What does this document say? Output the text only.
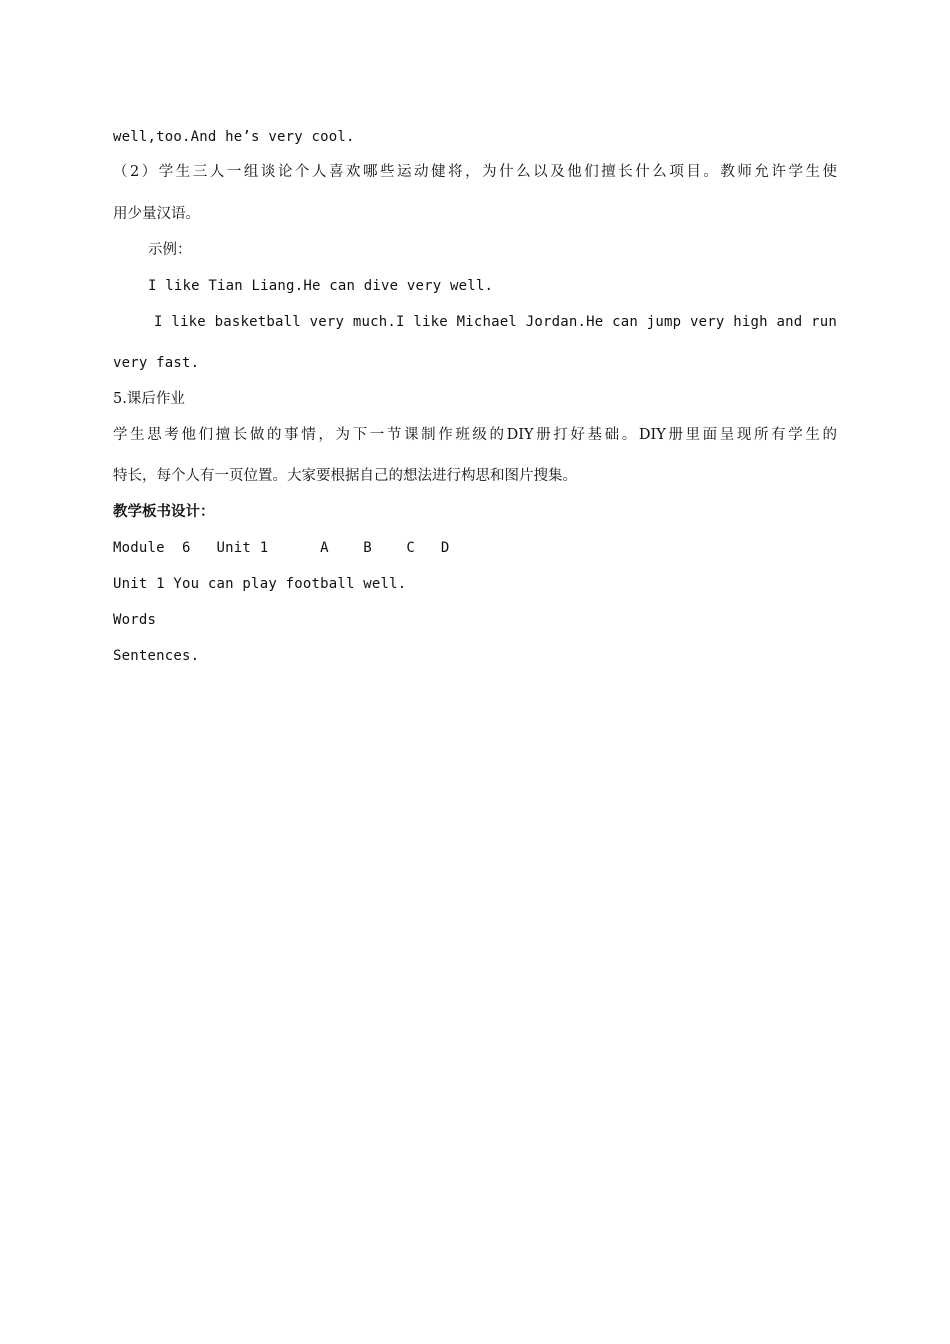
well,too.And he’s very cool.
（2）学生三人一组谈论个人喜欢哪些运动健将，为什么以及他们擅长什么项目。教师允许学生使
用少量汉语。
示例：
I like Tian Liang.He can dive very well.
I like basketball very much.I like Michael Jordan.He can jump very high and run
very fast.
5.课后作业
学生思考他们擅长做的事情，为下一节课制作班级的DIY册打好基础。DIY册里面呈现所有学生的
特长，每个人有一页位置。大家要根据自己的想法进行构思和图片搜集。
教学板书设计：
Module  6   Unit 1      A    B    C   D
Unit 1 You can play football well.
Words
Sentences.
